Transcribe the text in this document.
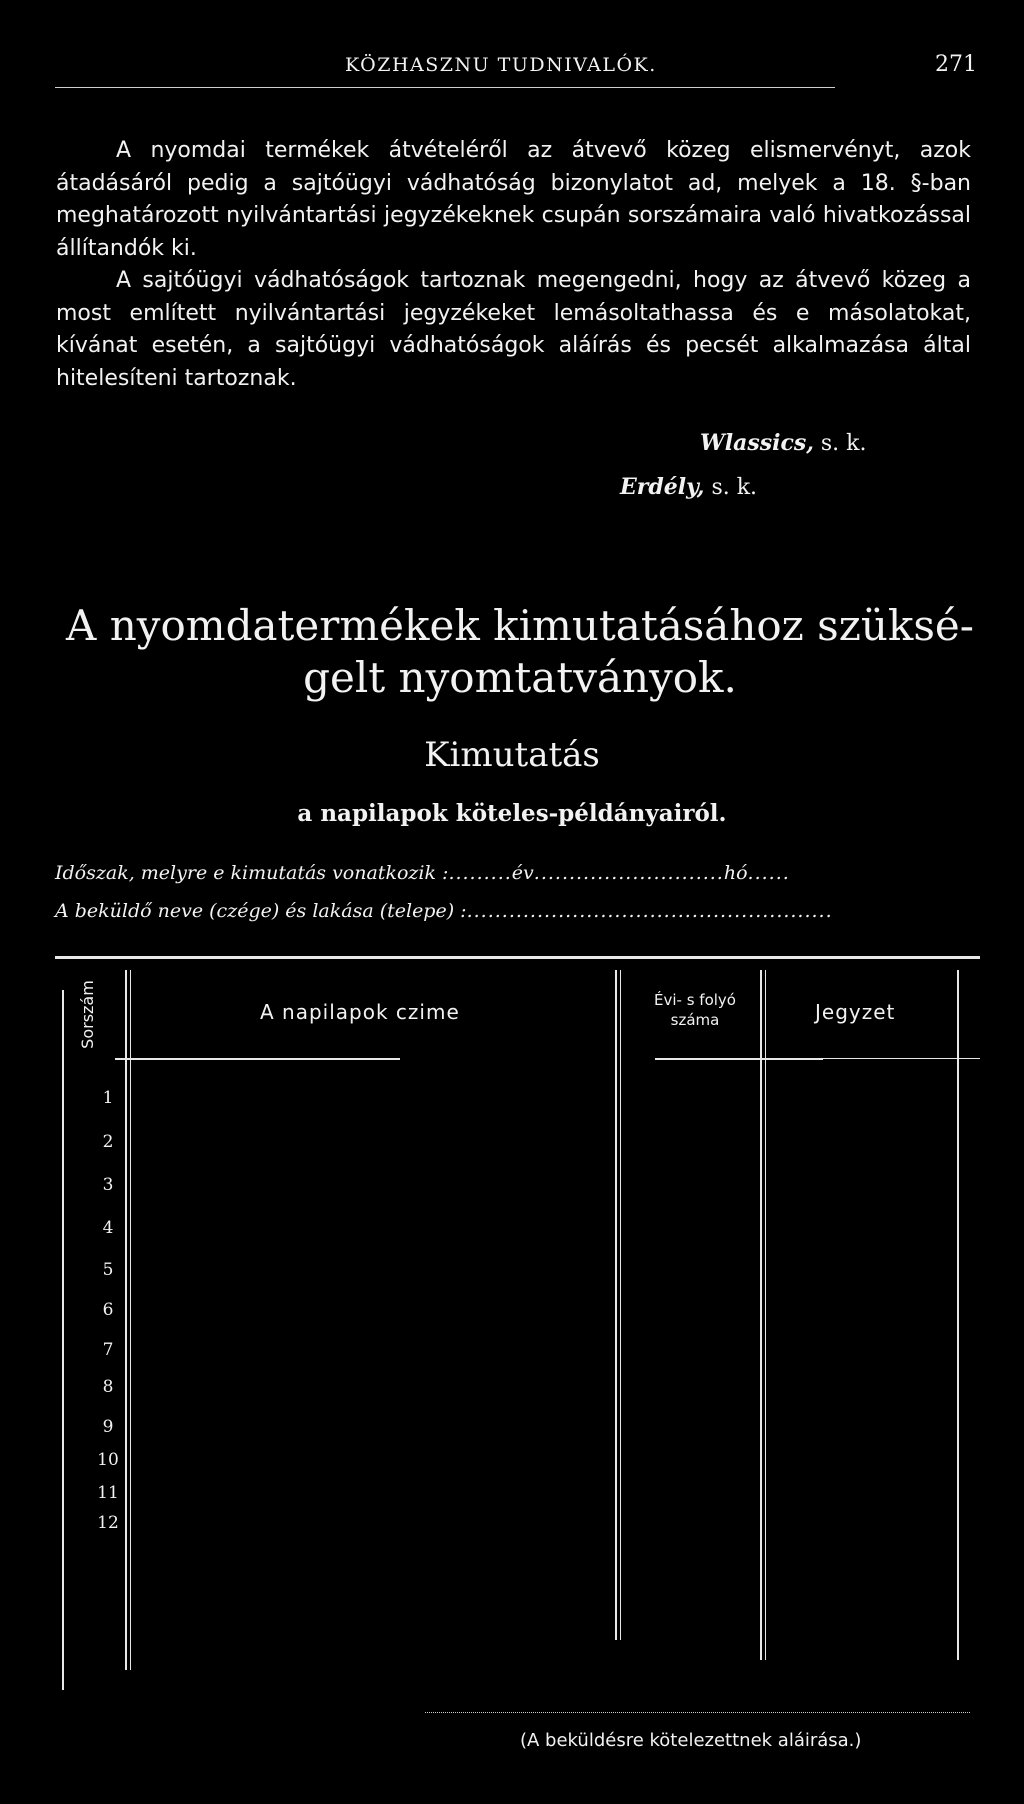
KÖZHASZNU TUDNIVALÓK.	271

A nyomdai termékek átvételéről az átvevő közeg elismervényt, azok átadásáról pedig a sajtóügyi vádhatóság bizonylatot ad, melyek a 18. §-ban meghatározott nyilvántartási jegyzékeknek csupán sorszámaira való hivatkozással állítandók ki.

A sajtóügyi vádhatóságok tartoznak megengedni, hogy az átvevő közeg a most említett nyilvántartási jegyzékeket lemásoltathassa és e másolatokat, kívánat esetén, a sajtóügyi vádhatóságok aláírás és pecsét alkalmazása által hitelesíteni tartoznak.

Wlassics, s. k.
Erdély, s. k.
A nyomdatermékek kimutatásához szüksé-
gelt nyomtatványok.
Kimutatás
a napilapok köteles-példányairól.
Időszak, melyre e kimutatás vonatkozik :.........év...........................hó......
A beküldő neve (czége) és lakása (telepe) :....................................................
Sorszám	A napilapok czime	Évi- s folyó száma	Jegyzet
1
2
3
4
5
6
7
8
9
10
11
12
(A beküldésre kötelezettnek aláirása.)
